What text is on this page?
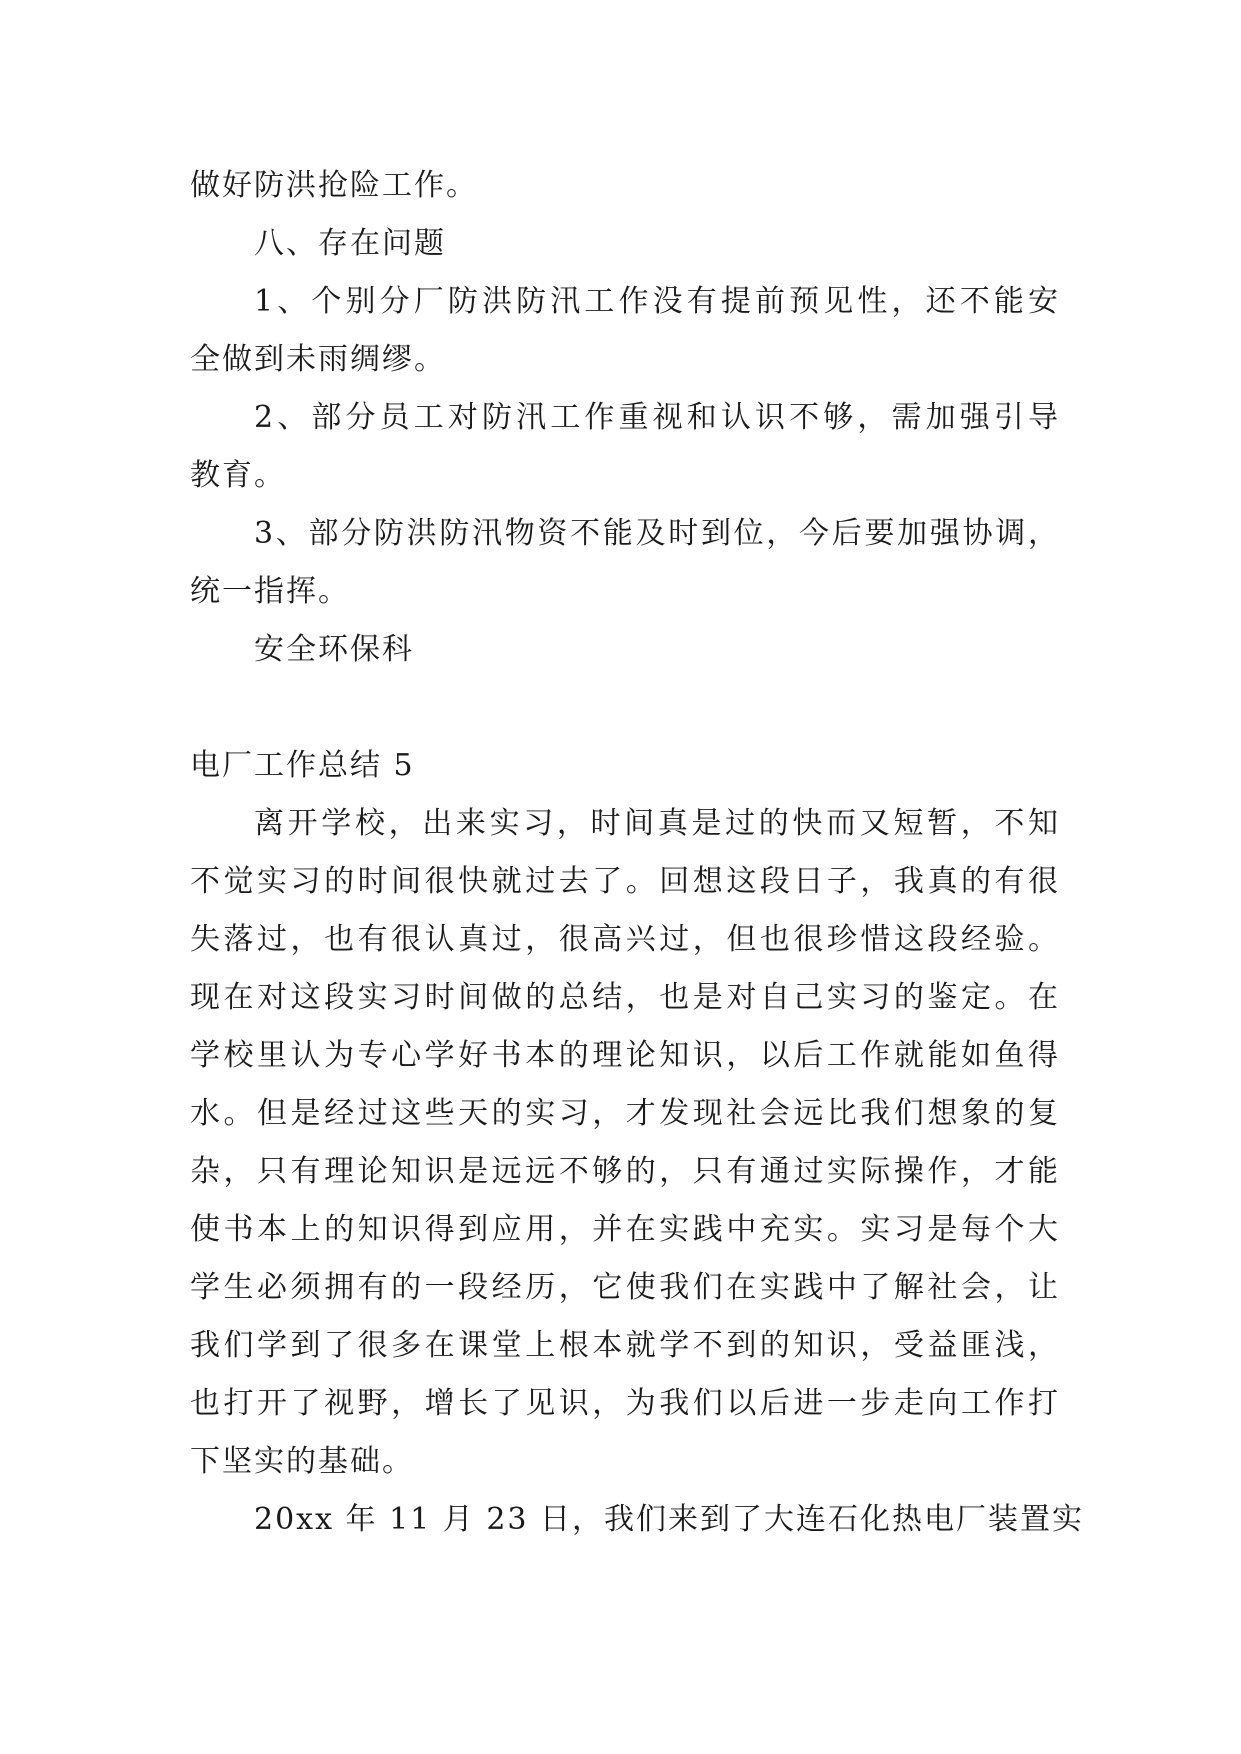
做好防洪抢险工作。
八、存在问题
1、个别分厂防洪防汛工作没有提前预见性，还不能安
全做到未雨绸缪。
2、部分员工对防汛工作重视和认识不够，需加强引导
教育。
3、部分防洪防汛物资不能及时到位，今后要加强协调，
统一指挥。
安全环保科
电厂工作总结 5
离开学校，出来实习，时间真是过的快而又短暂，不知
不觉实习的时间很快就过去了。回想这段日子，我真的有很
失落过，也有很认真过，很高兴过，但也很珍惜这段经验。
现在对这段实习时间做的总结，也是对自己实习的鉴定。在
学校里认为专心学好书本的理论知识，以后工作就能如鱼得
水。但是经过这些天的实习，才发现社会远比我们想象的复
杂，只有理论知识是远远不够的，只有通过实际操作，才能
使书本上的知识得到应用，并在实践中充实。实习是每个大
学生必须拥有的一段经历，它使我们在实践中了解社会，让
我们学到了很多在课堂上根本就学不到的知识，受益匪浅，
也打开了视野，增长了见识，为我们以后进一步走向工作打
下坚实的基础。
20xx 年 11 月 23 日，我们来到了大连石化热电厂装置实
